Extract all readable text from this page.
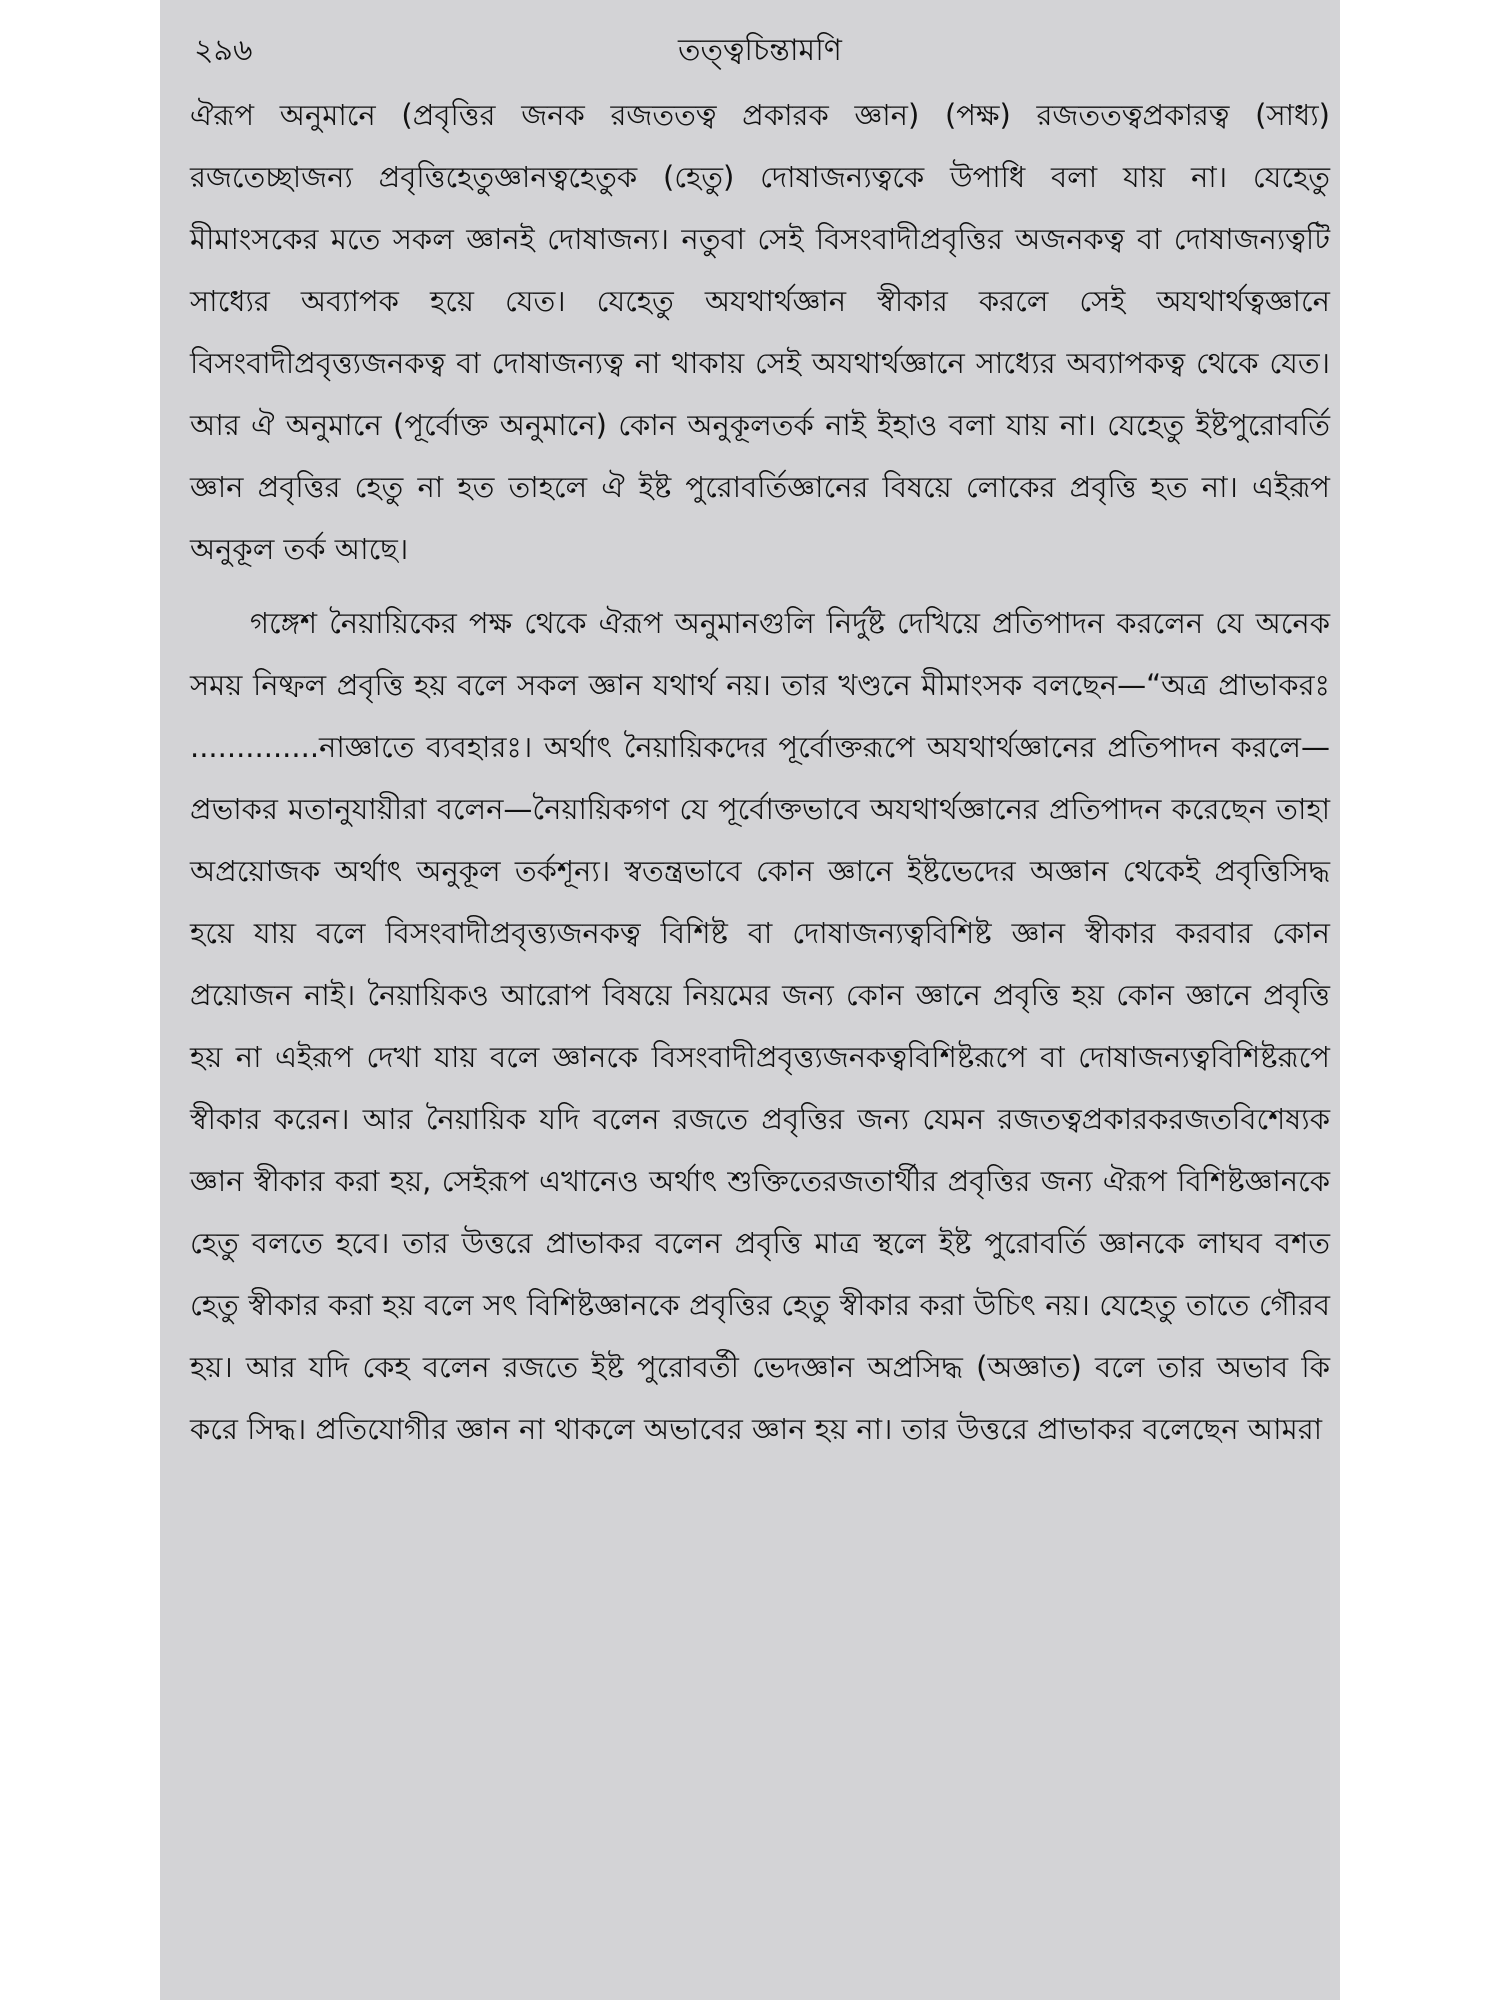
২৯৬	তত্ত্বচিন্তামণি

ঐরূপ অনুমানে (প্রবৃত্তির জনক রজততত্ব প্রকারক জ্ঞান) (পক্ষ) রজততত্বপ্রকারত্ব (সাধ্য) রজতেচ্ছাজন্য প্রবৃত্তিহেতুজ্ঞানত্বহেতুক (হেতু) দোষাজন্যত্বকে উপাধি বলা যায় না। যেহেতু মীমাংসকের মতে সকল জ্ঞানই দোষাজন্য। নতুবা সেই বিসংবাদীপ্রবৃত্তির অজনকত্ব বা দোষাজন্যত্বটি সাধ্যের অব্যাপক হয়ে যেত। যেহেতু অযথার্থজ্ঞান স্বীকার করলে সেই অযথার্থত্বজ্ঞানে বিসংবাদীপ্রবৃত্ত্যজনকত্ব বা দোষাজন্যত্ব না থাকায় সেই অযথার্থজ্ঞানে সাধ্যের অব্যাপকত্ব থেকে যেত। আর ঐ অনুমানে (পূর্বোক্ত অনুমানে) কোন অনুকূলতর্ক নাই ইহাও বলা যায় না। যেহেতু ইষ্টপুরোবর্তি জ্ঞান প্রবৃত্তির হেতু না হত তাহলে ঐ ইষ্ট পুরোবর্তিজ্ঞানের বিষয়ে লোকের প্রবৃত্তি হত না। এইরূপ অনুকূল তর্ক আছে।

গঙ্গেশ নৈয়ায়িকের পক্ষ থেকে ঐরূপ অনুমানগুলি নির্দুষ্ট দেখিয়ে প্রতিপাদন করলেন যে অনেক সময় নিষ্ফল প্রবৃত্তি হয় বলে সকল জ্ঞান যথার্থ নয়। তার খণ্ডনে মীমাংসক বলছেন—“অত্র প্রাভাকরঃ ..............নাজ্ঞাতে ব্যবহারঃ। অর্থাৎ নৈয়ায়িকদের পূর্বোক্তরূপে অযথার্থজ্ঞানের প্রতিপাদন করলে—প্রভাকর মতানুযায়ীরা বলেন—নৈয়ায়িকগণ যে পূর্বোক্তভাবে অযথার্থজ্ঞানের প্রতিপাদন করেছেন তাহা অপ্রয়োজক অর্থাৎ অনুকূল তর্কশূন্য। স্বতন্ত্রভাবে কোন জ্ঞানে ইষ্টভেদের অজ্ঞান থেকেই প্রবৃত্তিসিদ্ধ হয়ে যায় বলে বিসংবাদীপ্রবৃত্ত্যজনকত্ব বিশিষ্ট বা দোষাজন্যত্ববিশিষ্ট জ্ঞান স্বীকার করবার কোন প্রয়োজন নাই। নৈয়ায়িকও আরোপ বিষয়ে নিয়মের জন্য কোন জ্ঞানে প্রবৃত্তি হয় কোন জ্ঞানে প্রবৃত্তি হয় না এইরূপ দেখা যায় বলে জ্ঞানকে বিসংবাদীপ্রবৃত্ত্যজনকত্ববিশিষ্টরূপে বা দোষাজন্যত্ববিশিষ্টরূপে স্বীকার করেন। আর নৈয়ায়িক যদি বলেন রজতে প্রবৃত্তির জন্য যেমন রজতত্বপ্রকারকরজতবিশেষ্যক জ্ঞান স্বীকার করা হয়, সেইরূপ এখানেও অর্থাৎ শুক্তিতেরজতার্থীর প্রবৃত্তির জন্য ঐরূপ বিশিষ্টজ্ঞানকে হেতু বলতে হবে। তার উত্তরে প্রাভাকর বলেন প্রবৃত্তি মাত্র স্থলে ইষ্ট পুরোবর্তি জ্ঞানকে লাঘব বশত হেতু স্বীকার করা হয় বলে সৎ বিশিষ্টজ্ঞানকে প্রবৃত্তির হেতু স্বীকার করা উচিৎ নয়। যেহেতু তাতে গৌরব হয়। আর যদি কেহ বলেন রজতে ইষ্ট পুরোবর্তী ভেদজ্ঞান অপ্রসিদ্ধ (অজ্ঞাত) বলে তার অভাব কি করে সিদ্ধ। প্রতিযোগীর জ্ঞান না থাকলে অভাবের জ্ঞান হয় না। তার উত্তরে প্রাভাকর বলেছেন আমরা
